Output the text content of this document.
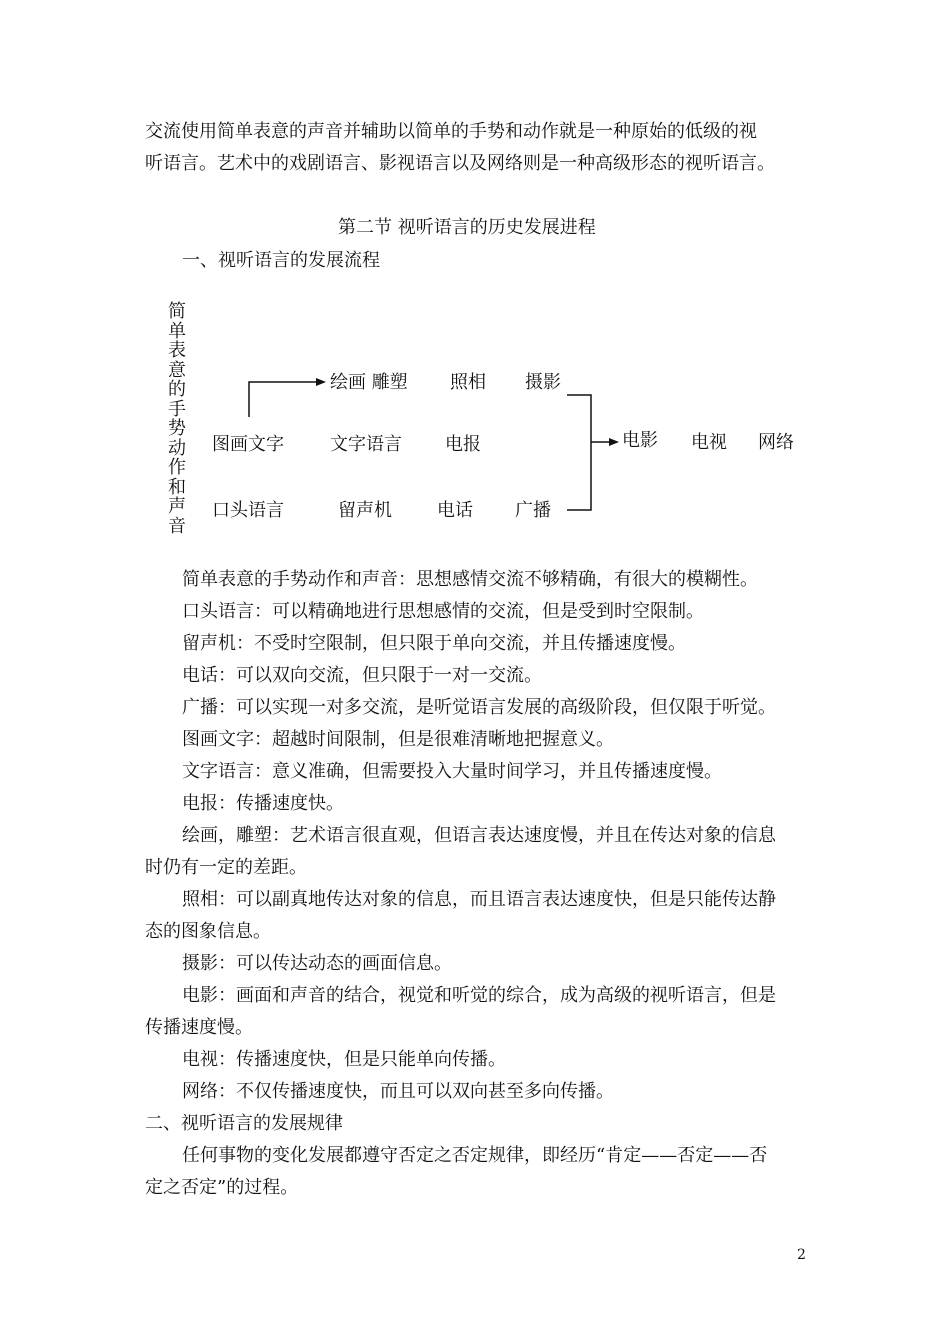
交流使用简单表意的声音并辅助以简单的手势和动作就是一种原始的低级的视
听语言。艺术中的戏剧语言、影视语言以及网络则是一种高级形态的视听语言。
第二节 视听语言的历史发展进程
一、视听语言的发展流程
简
单
表
意
的
手
势
动
作
和
声
音
绘画 雕塑 照相 摄影
图画文字	文字语言 电报
口头语言	留声机	电话 广播
电影 电视 网络
简单表意的手势动作和声音：思想感情交流不够精确，有很大的模糊性。
口头语言：可以精确地进行思想感情的交流，但是受到时空限制。
留声机：不受时空限制，但只限于单向交流，并且传播速度慢。
电话：可以双向交流，但只限于一对一交流。
广播：可以实现一对多交流，是听觉语言发展的高级阶段，但仅限于听觉。
图画文字：超越时间限制，但是很难清晰地把握意义。
文字语言：意义准确，但需要投入大量时间学习，并且传播速度慢。
电报：传播速度快。
绘画，雕塑：艺术语言很直观，但语言表达速度慢，并且在传达对象的信息
时仍有一定的差距。
照相：可以副真地传达对象的信息，而且语言表达速度快，但是只能传达静
态的图象信息。
摄影：可以传达动态的画面信息。
电影：画面和声音的结合，视觉和听觉的综合，成为高级的视听语言，但是
传播速度慢。
电视：传播速度快，但是只能单向传播。
网络：不仅传播速度快，而且可以双向甚至多向传播。
二、视听语言的发展规律
任何事物的变化发展都遵守否定之否定规律，即经历“肯定——否定——否
定之否定”的过程。
2
